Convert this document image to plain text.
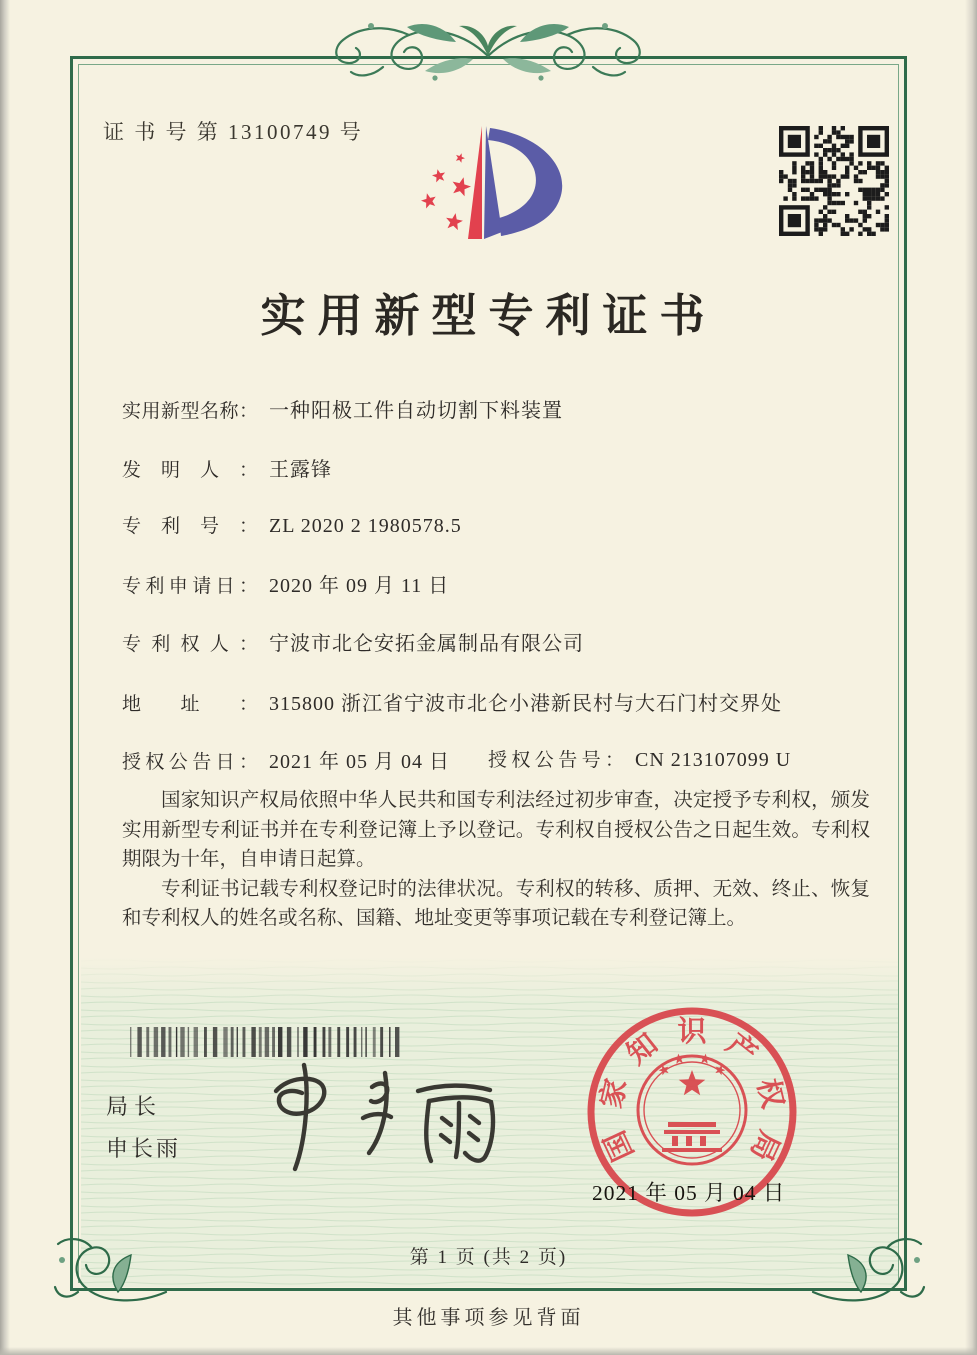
证 书 号 第 13100749 号
实用新型专利证书
实用新型名称： 一种阳极工件自动切割下料装置
发明人： 王露锋
专利号： ZL 2020 2 1980578.5
专利申请日： 2020 年 09 月 11 日
专利权人： 宁波市北仑安拓金属制品有限公司
地址： 315800 浙江省宁波市北仑小港新民村与大石门村交界处
授权公告日： 2021 年 05 月 04 日 授权公告号： CN 213107099 U

国家知识产权局依照中华人民共和国专利法经过初步审查，决定授予专利权，颁发实用新型专利证书并在专利登记簿上予以登记。专利权自授权公告之日起生效。专利权期限为十年，自申请日起算。

专利证书记载专利权登记时的法律状况。专利权的转移、质押、无效、终止、恢复和专利权人的姓名或名称、国籍、地址变更等事项记载在专利登记簿上。

局长
申长雨	国
家
知 识 产
权
局
2021 年 05 月 04 日
第 1 页 (共 2 页)
其他事项参见背面
